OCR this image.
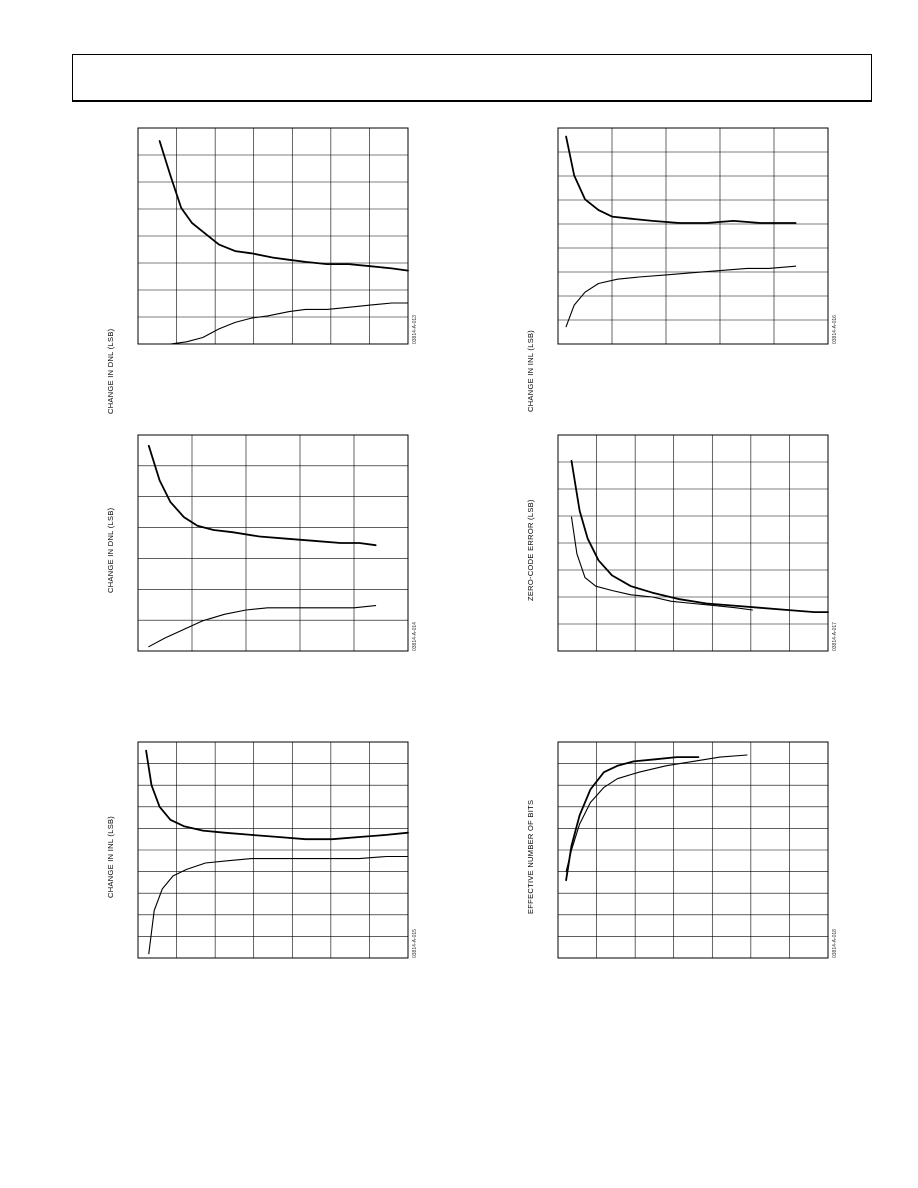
CHANGE IN DNL (LSB)	03814-A-013
CHANGE IN INL (LSB)
03814-A-016
CHANGE IN DNL (LSB)
03814-A-014
ZERO-CODE ERROR (LSB)
03814-A-017
CHANGE IN INL (LSB)
03814-A-015
EFFECTIVE NUMBER OF BITS
03814-A-018
